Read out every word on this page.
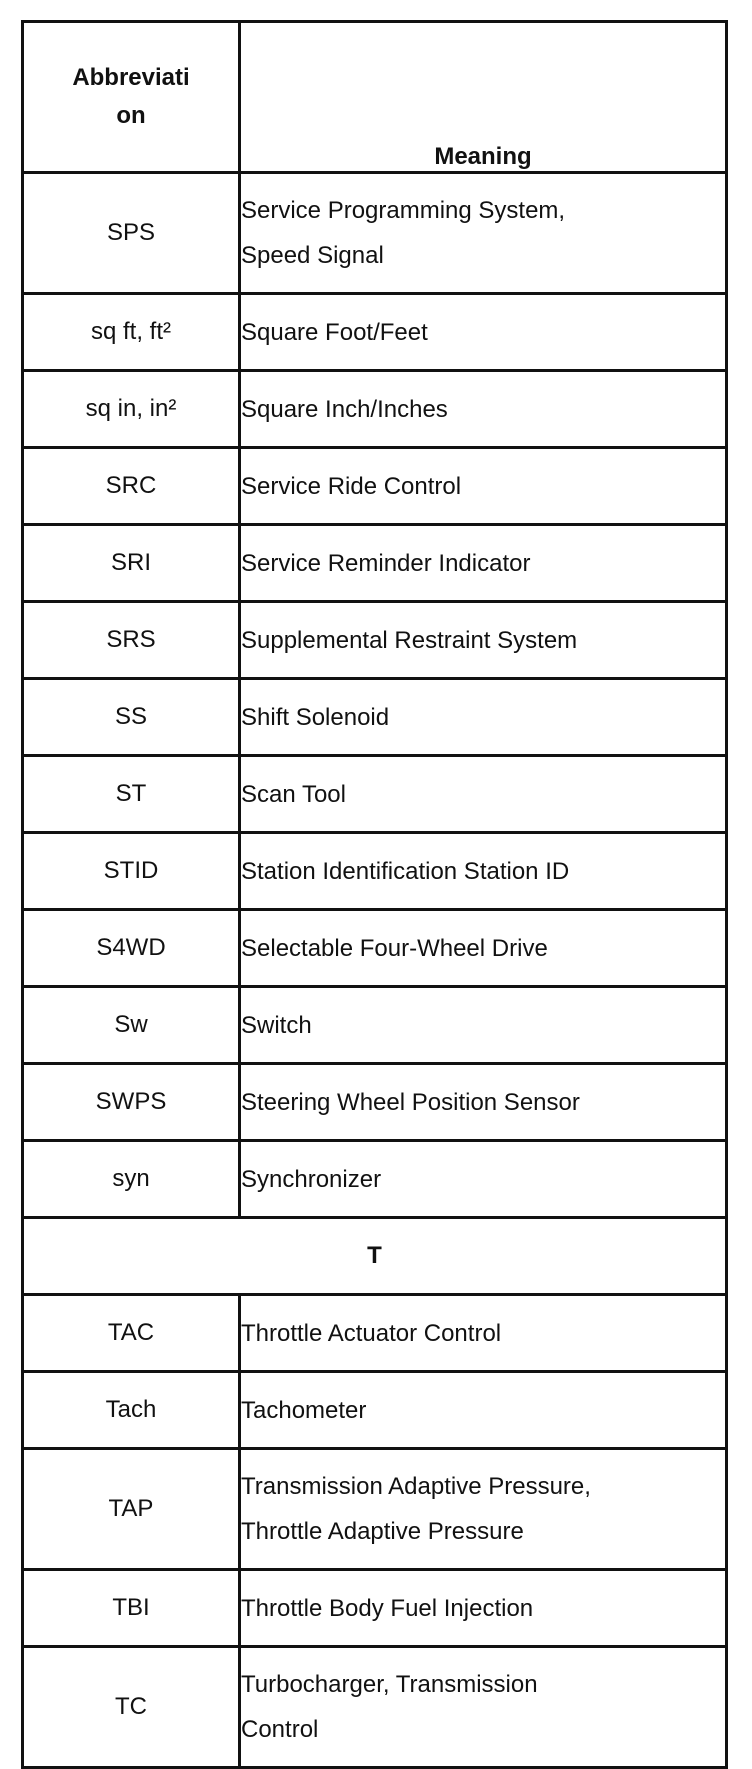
Abbreviati
on	Meaning
SPS	Service Programming System,
Speed Signal

sq ft, ft²	Square Foot/Feet

sq in, in²	Square Inch/Inches

SRC	Service Ride Control

SRI	Service Reminder Indicator

SRS	Supplemental Restraint System

SS	Shift Solenoid

ST	Scan Tool

STID	Station Identification Station ID

S4WD	Selectable Four-Wheel Drive

Sw	Switch

SWPS	Steering Wheel Position Sensor

syn	Synchronizer

T	
TAC	Throttle Actuator Control

Tach	Tachometer

TAP	Transmission Adaptive Pressure,
Throttle Adaptive Pressure

TBI	Throttle Body Fuel Injection

TC	Turbocharger, Transmission
Control
